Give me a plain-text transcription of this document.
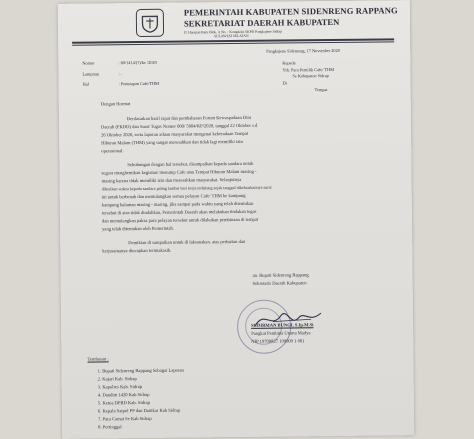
PEMERINTAH KABUPATEN SIDENRENG RAPPANG
SEKRETARIAT DAERAH KABUPATEN
Jl. Harapan Baru Blok. A No. · Kompleks SKPD Pangkajene Sidrap
SULAWESI SELATAN
Pangkajene Sidenreng, 17 November 2020
Nomor	: 80/1414/(?)/ke /2020
Lampiran	: -
Hal	: Penutupan Cafe/THM
Kepada
Yth. Para Pemilik Cafe/ THM
Se Kabupaten Sidrap
Di
Tempat
Dengan Hormat
Berdasarkan hasil rapat dan pembahasan Forum Kewaspadaan Dini
Daerah (FKDD) dan Surat Tugas Nomor 000/ 5004/KP/2020, tanggal 22 Oktober s.d
26 Oktober 2020, serta laporan aduan masyarakat mengenai keberadaan Tempat
Hiburan Malam (THM) yang sangat meresahkan dan tidak lagi memiliki izin
operasional.
Sehubungan dengan hal tersebut, disampaikan kepada saudara untuk
segera menghentikan kegiatan/ menutup Cafe atau Tempat Hiburan Malam masing -
masing karena tidak memiliki izin dan meresahkan masyarakat. Selanjutnya
diberikan waktu kepada saudara paling lambat hari kerja terhitung sejak tanggal dikeluarkannya surat
ini untuk berbenah dan memulangkan semua pelayan Cafe/ THM ke kampung
kampung halaman masing - masing, jika sampai pada waktu yang telah ditentukan
tersebut di atas tidak dindahkan, Pemerintah Daerah akan melakukan tindakan tegas
dan memulangkan paksa para pelayan tersebut untuk dilakukan pembinaan di tempat
yang telah ditentukan oleh Pemerintah.
Demikian di sampaikan untuk di laksanakan, atas perhatian dan
kerjasamanya diucapkan terimakasih.
an. Bupati Sidenreng Rappang
Sekretaris Daerah Kabupaten
SUDIRMAN BUNGI, S.Ip.M.Si
Pangkat Pembina Utama Madya
NIP 19700827 199009 1 001
Tembusan :
1. Bupati Sidenreng Rappang Sebagai Laporan
2. Kajari Kab. Sidrap
3. Kapolres Kab. Sidrap
4. Dandim 1420 Kab Sidrap
5. Ketua DPRD Kab. Sidrap
6. Kepala Satpol PP dan Damkar Kab Sidrap
7. Para Camat Se Kab Sidrap
8. Pertinggal
